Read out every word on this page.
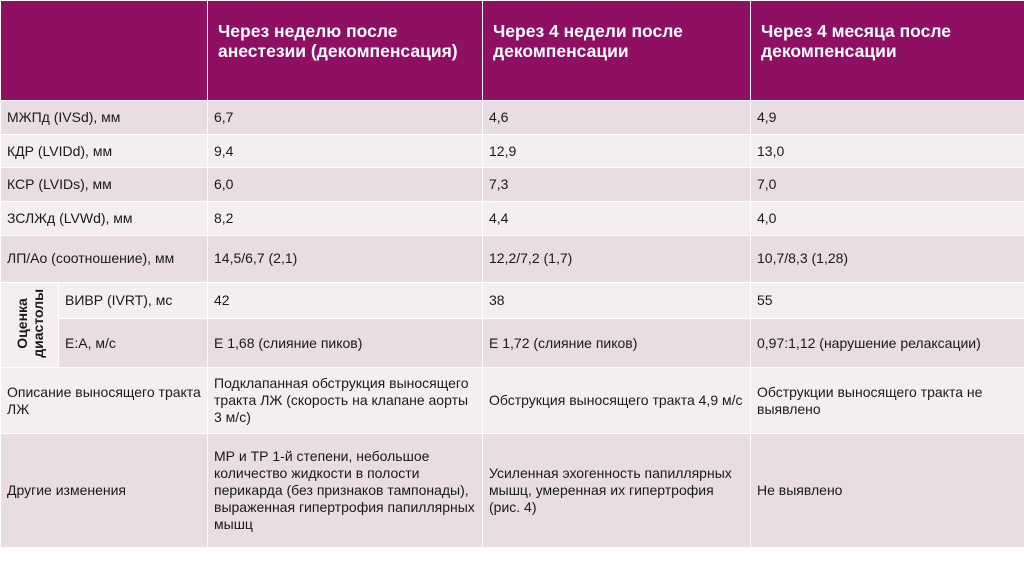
		Через неделю после анестезии (декомпенсация)	Через 4 недели после декомпенсации	Через 4 месяца после декомпенсации
МЖПд (IVSd), мм		6,7	4,6	4,9
КДР (LVIDd), мм		9,4	12,9	13,0
КСР (LVIDs), мм		6,0	7,3	7,0
ЗСЛЖд (LVWd), мм		8,2	4,4	4,0
ЛП/Ао (соотношение), мм		14,5/6,7 (2,1)	12,2/7,2 (1,7)	10,7/8,3 (1,28)
Оценка диастолы	ВИВР (IVRT), мс	42	38	55
	Е:А, м/с	E 1,68 (слияние пиков)	E 1,72 (слияние пиков)	0,97:1,12 (нарушение релаксации)
Описание выносящего тракта ЛЖ		Подклапанная обструкция выносящего тракта ЛЖ (скорость на клапане аорты 3 м/с)	Обструкция выносящего тракта 4,9 м/с	Обструкции выносящего тракта не выявлено
Другие изменения		МР и ТР 1-й степени, небольшое количество жидкости в полости перикарда (без признаков тампонады), выраженная гипертрофия папиллярных мышц	Усиленная эхогенность папиллярных мышц, умеренная их гипертрофия (рис. 4)	Не выявлено
